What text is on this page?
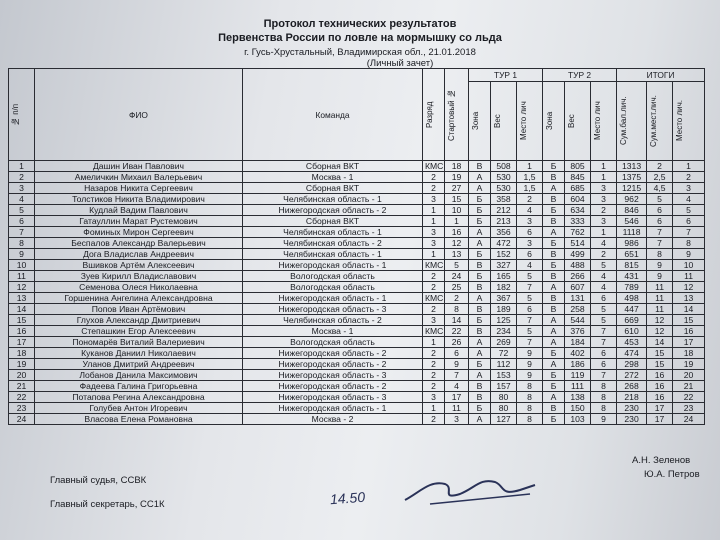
Протокол технических результатов
Первенства России по ловле на мормышку со льда
г. Гусь-Хрустальный, Владимирская обл., 21.01.2018
(Личный зачет)
№ п/п	ФИО	Команда	Разряд	Стартовый №	ТУР 1			ТУР 2			ИТОГИ		

					Зона	Вес	Место лич	Зона	Вес	Место лич	Сум.бал.лич.	Сум.мест.лич.	Место лич.

1	Дашин Иван Павлович	Сборная ВКТ	КМС	18	В	508	1	Б	805	1	1313	2	1
2	Амеличкин Михаил Валерьевич	Москва - 1	2	19	А	530	1,5	В	845	1	1375	2,5	2
3	Назаров Никита Сергеевич	Сборная ВКТ	2	27	А	530	1,5	А	685	3	1215	4,5	3
4	Толстиков Никита Владимирович	Челябинская область - 1	3	15	Б	358	2	В	604	3	962	5	4
5	Кудлай Вадим Павлович	Нижегородская область - 2	1	10	Б	212	4	Б	634	2	846	6	5
6	Гатауллин Марат Рустемович	Сборная ВКТ	1	1	Б	213	3	В	333	3	546	6	6
7	Фоминых Мирон Сергеевич	Челябинская область - 1	3	16	А	356	6	А	762	1	1118	7	7
8	Беспалов Александр Валерьевич	Челябинская область - 2	3	12	А	472	3	Б	514	4	986	7	8
9	Дога Владислав Андреевич	Челябинская область - 1	1	13	Б	152	6	В	499	2	651	8	9
10	Вшивков Артём Алексеевич	Нижегородская область - 1	КМС	5	В	327	4	Б	488	5	815	9	10
11	Зуев Кирилл Владиславович	Вологодская область	2	24	Б	165	5	В	266	4	431	9	11
12	Семенова Олеся Николаевна	Вологодская область	2	25	В	182	7	А	607	4	789	11	12
13	Горшенина Ангелина Александровна	Нижегородская область - 1	КМС	2	А	367	5	В	131	6	498	11	13
14	Попов Иван Артёмович	Нижегородская область - 3	2	8	В	189	6	В	258	5	447	11	14
15	Глухов Александр Дмитриевич	Челябинская область - 2	3	14	Б	125	7	А	544	5	669	12	15
16	Степашкин Егор Алексеевич	Москва - 1	КМС	22	В	234	5	А	376	7	610	12	16
17	Пономарёв Виталий Валериевич	Вологодская область	1	26	А	269	7	А	184	7	453	14	17
18	Куканов Даниил Николаевич	Нижегородская область - 2	2	6	А	72	9	Б	402	6	474	15	18
19	Уланов Дмитрий Андреевич	Нижегородская область - 2	2	9	Б	112	9	А	186	6	298	15	19
20	Лобанов Данила Максимович	Нижегородская область - 3	2	7	А	153	9	Б	119	7	272	16	20
21	Фадеева Галина Григорьевна	Нижегородская область - 2	2	4	В	157	8	Б	111	8	268	16	21
22	Потапова Регина Александровна	Нижегородская область - 3	3	17	В	80	8	А	138	8	218	16	22
23	Голубев Антон Игоревич	Нижегородская область - 1	1	11	Б	80	8	В	150	8	230	17	23
24	Власова Елена Романовна	Москва - 2	2	3	А	127	8	Б	103	9	230	17	24
Главный судья, ССВК
А.Н. Зеленов
Главный секретарь, СС1К
Ю.А. Петров
14.50
